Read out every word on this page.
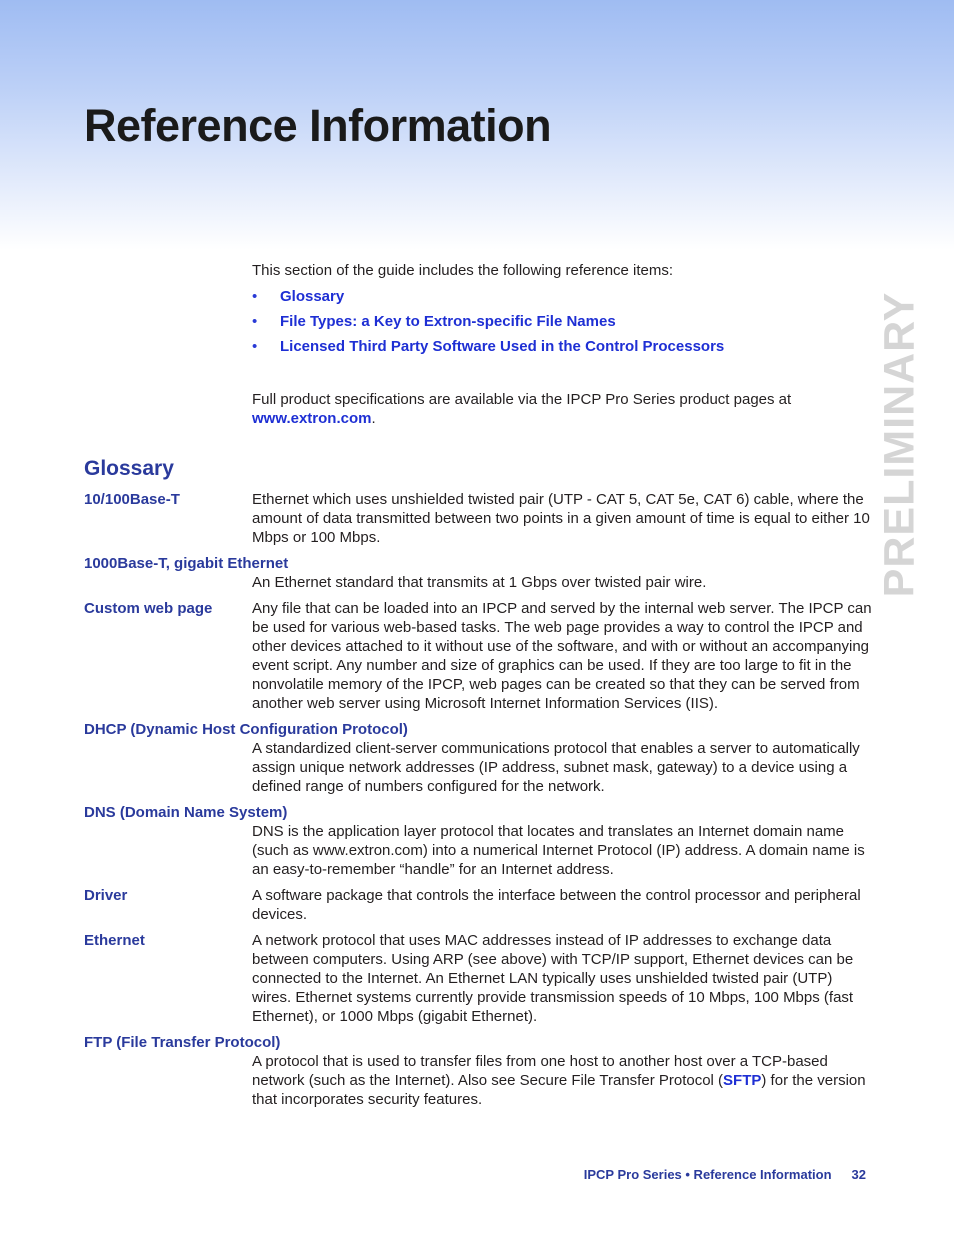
Reference Information
PRELIMINARY

This section of the guide includes the following reference items:

• Glossary
• File Types: a Key to Extron-specific File Names
• Licensed Third Party Software Used in the Control Processors

Full product specifications are available via the IPCP Pro Series product pages at
www.extron.com.

Glossary
10/100Base-T	Ethernet which uses unshielded twisted pair (UTP - CAT 5, CAT 5e, CAT 6) cable, where the amount of data transmitted between two points in a given amount of time is equal to either 10 Mbps or 100 Mbps.
1000Base-T, gigabit Ethernet
An Ethernet standard that transmits at 1 Gbps over twisted pair wire.
Custom web page	Any file that can be loaded into an IPCP and served by the internal web server. The IPCP can be used for various web-based tasks. The web page provides a way to control the IPCP and other devices attached to it without use of the software, and with or without an accompanying event script. Any number and size of graphics can be used. If they are too large to fit in the nonvolatile memory of the IPCP, web pages can be created so that they can be served from another web server using Microsoft Internet Information Services (IIS).
DHCP (Dynamic Host Configuration Protocol)
A standardized client-server communications protocol that enables a server to automatically assign unique network addresses (IP address, subnet mask, gateway) to a device using a defined range of numbers configured for the network.
DNS (Domain Name System)
DNS is the application layer protocol that locates and translates an Internet domain name (such as www.extron.com) into a numerical Internet Protocol (IP) address. A domain name is an easy-to-remember “handle” for an Internet address.
Driver	A software package that controls the interface between the control processor and peripheral devices.
Ethernet	A network protocol that uses MAC addresses instead of IP addresses to exchange data between computers. Using ARP (see above) with TCP/IP support, Ethernet devices can be connected to the Internet. An Ethernet LAN typically uses unshielded twisted pair (UTP) wires. Ethernet systems currently provide transmission speeds of 10 Mbps, 100 Mbps (fast Ethernet), or 1000 Mbps (gigabit Ethernet).
FTP (File Transfer Protocol)
A protocol that is used to transfer files from one host to another host over a TCP-based network (such as the Internet). Also see Secure File Transfer Protocol (SFTP) for the version that incorporates security features.
IPCP Pro Series • Reference Information 32
